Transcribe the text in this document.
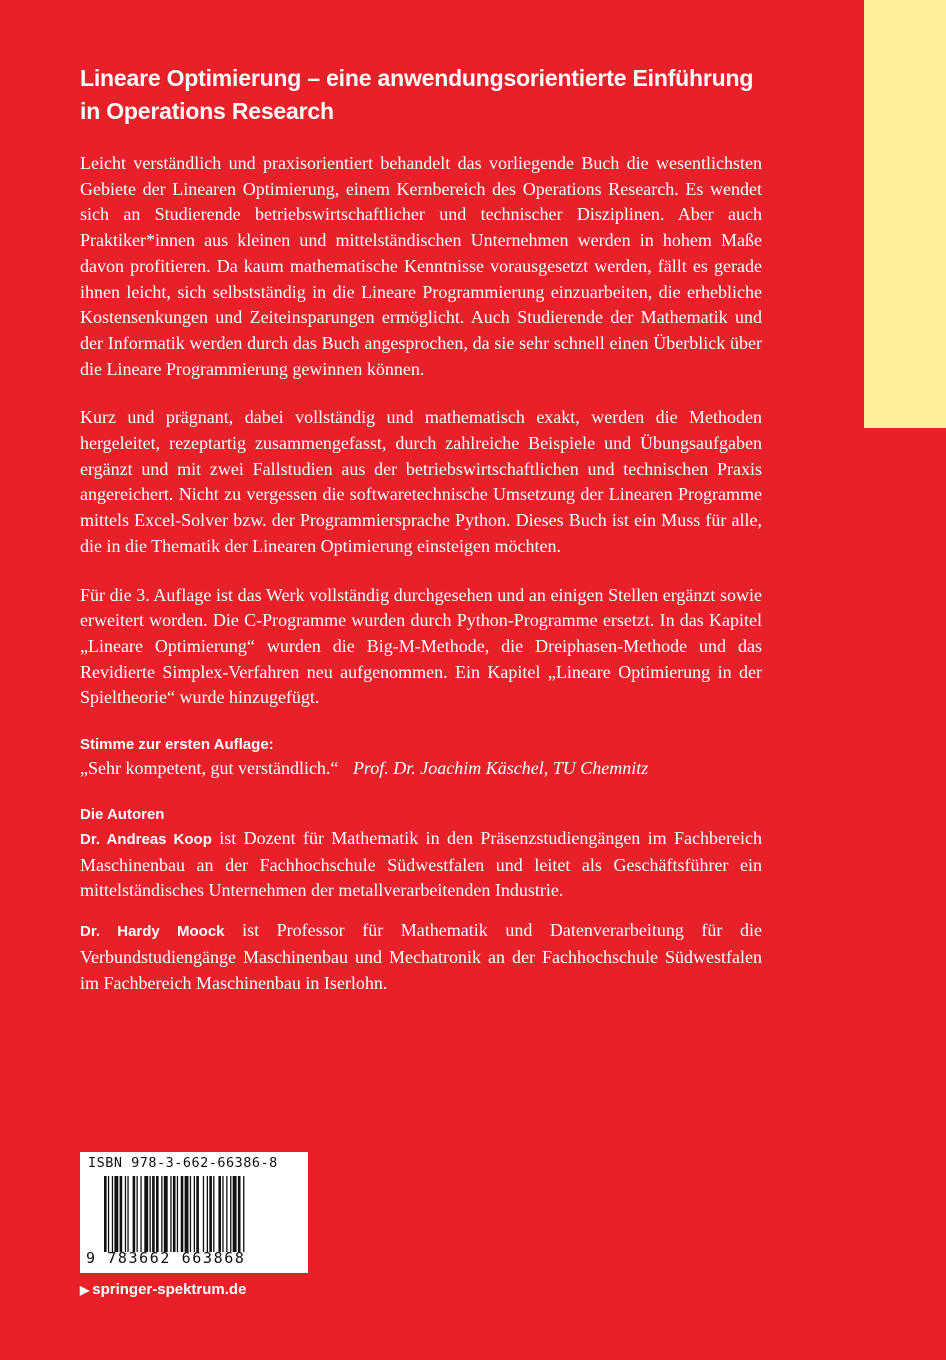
Lineare Optimierung – eine anwendungsorientierte Einführung in Operations Research

Leicht verständlich und praxisorientiert behandelt das vorliegende Buch die wesentlichsten Gebiete der Linearen Optimierung, einem Kernbereich des Operations Research. Es wendet sich an Studierende betriebswirtschaftlicher und technischer Disziplinen. Aber auch Praktiker*innen aus kleinen und mittelständischen Unternehmen werden in hohem Maße davon profitieren. Da kaum mathematische Kenntnisse vorausgesetzt werden, fällt es gerade ihnen leicht, sich selbstständig in die Lineare Programmierung einzuarbeiten, die erhebliche Kostensenkungen und Zeiteinsparungen ermöglicht. Auch Studierende der Mathematik und der Informatik werden durch das Buch angesprochen, da sie sehr schnell einen Überblick über die Lineare Programmierung gewinnen können.

Kurz und prägnant, dabei vollständig und mathematisch exakt, werden die Methoden hergeleitet, rezeptartig zusammengefasst, durch zahlreiche Beispiele und Übungsaufgaben ergänzt und mit zwei Fallstudien aus der betriebswirtschaftlichen und technischen Praxis angereichert. Nicht zu vergessen die softwaretechnische Umsetzung der Linearen Programme mittels Excel-Solver bzw. der Programmiersprache Python. Dieses Buch ist ein Muss für alle, die in die Thematik der Linearen Optimierung einsteigen möchten.

Für die 3. Auflage ist das Werk vollständig durchgesehen und an einigen Stellen ergänzt sowie erweitert worden. Die C-Programme wurden durch Python-Programme ersetzt. In das Kapitel „Lineare Optimierung“ wurden die Big-M-Methode, die Dreiphasen-Methode und das Revidierte Simplex-Verfahren neu aufgenommen. Ein Kapitel „Lineare Optimierung in der Spieltheorie“ wurde hinzugefügt.

Stimme zur ersten Auflage:

„Sehr kompetent, gut verständlich.“ Prof. Dr. Joachim Käschel, TU Chemnitz

Die Autoren

Dr. Andreas Koop ist Dozent für Mathematik in den Präsenzstudiengängen im Fachbereich Maschinenbau an der Fachhochschule Südwestfalen und leitet als Geschäftsführer ein mittelständisches Unternehmen der metallverarbeitenden Industrie.

Dr. Hardy Moock ist Professor für Mathematik und Datenverarbeitung für die Verbundstudiengänge Maschinenbau und Mechatronik an der Fachhochschule Südwestfalen im Fachbereich Maschinenbau in Iserlohn.

ISBN 978-3-662-66386-8
9 783662 663868
▶ springer-spektrum.de
